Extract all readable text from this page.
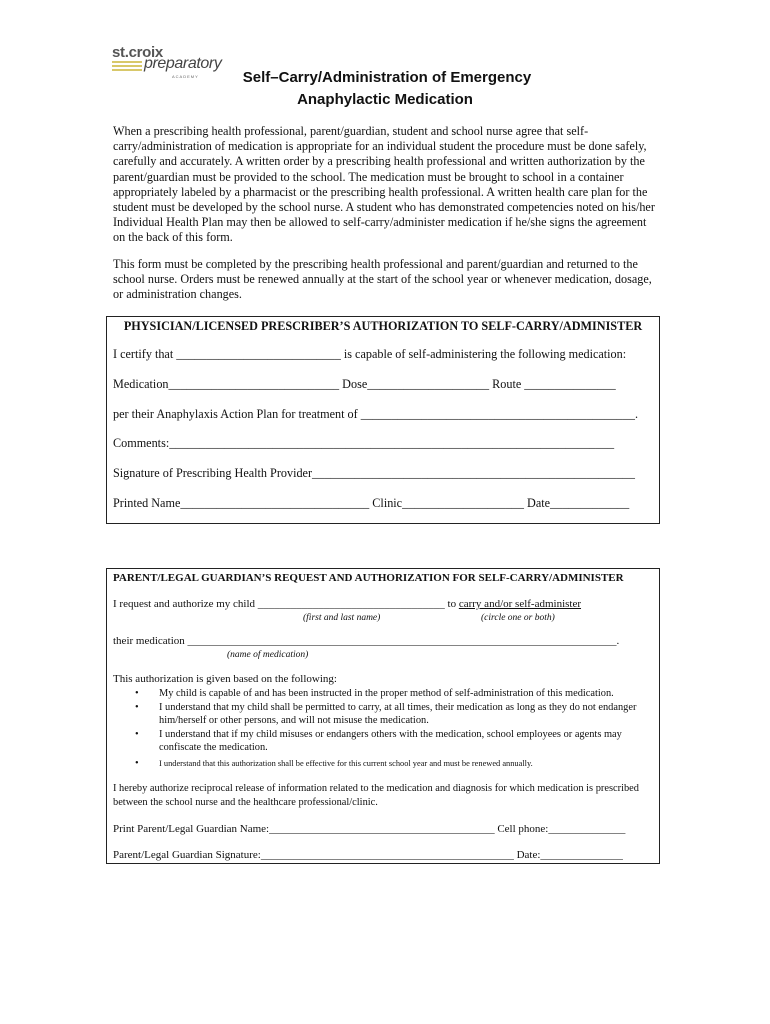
st.croix
preparatory
ACADEMY	Self–Carry/Administration of Emergency
Anaphylactic Medication

When a prescribing health professional, parent/guardian, student and school nurse agree that self-carry/administration of medication is appropriate for an individual student the procedure must be done safely, carefully and accurately. A written order by a prescribing health professional and written authorization by the parent/guardian must be provided to the school. The medication must be brought to school in a container appropriately labeled by a pharmacist or the prescribing health professional. A written health care plan for the student must be developed by the school nurse. A student who has demonstrated competencies noted on his/her Individual Health Plan may then be allowed to self-carry/administer medication if he/she signs the agreement on the back of this form.

This form must be completed by the prescribing health professional and parent/guardian and returned to the school nurse. Orders must be renewed annually at the start of the school year or whenever medication, dosage, or administration changes.

PHYSICIAN/LICENSED PRESCRIBER’S AUTHORIZATION TO SELF-CARRY/ADMINISTER
I certify that ___________________________ is capable of self-administering the following medication:
Medication____________________________ Dose____________________ Route _______________
per their Anaphylaxis Action Plan for treatment of _____________________________________________.
Comments:_________________________________________________________________________
Signature of Prescribing Health Provider_____________________________________________________
Printed Name_______________________________ Clinic____________________ Date_____________
PARENT/LEGAL GUARDIAN’S REQUEST AND AUTHORIZATION FOR SELF-CARRY/ADMINISTER
I request and authorize my child __________________________________ to carry and/or self-administer
(first and last name)	(circle one or both)
their medication ______________________________________________________________________________.
(name of medication)
This authorization is given based on the following:
• My child is capable of and has been instructed in the proper method of self-administration of this medication.
• I understand that my child shall be permitted to carry, at all times, their medication as long as they do not endanger him/herself or other persons, and will not misuse the medication.
• I understand that if my child misuses or endangers others with the medication, school employees or agents may confiscate the medication.
• I understand that this authorization shall be effective for this current school year and must be renewed annually.
I hereby authorize reciprocal release of information related to the medication and diagnosis for which medication is prescribed between the school nurse and the healthcare professional/clinic.
Print Parent/Legal Guardian Name:_________________________________________ Cell phone:______________
Parent/Legal Guardian Signature:______________________________________________ Date:_______________
